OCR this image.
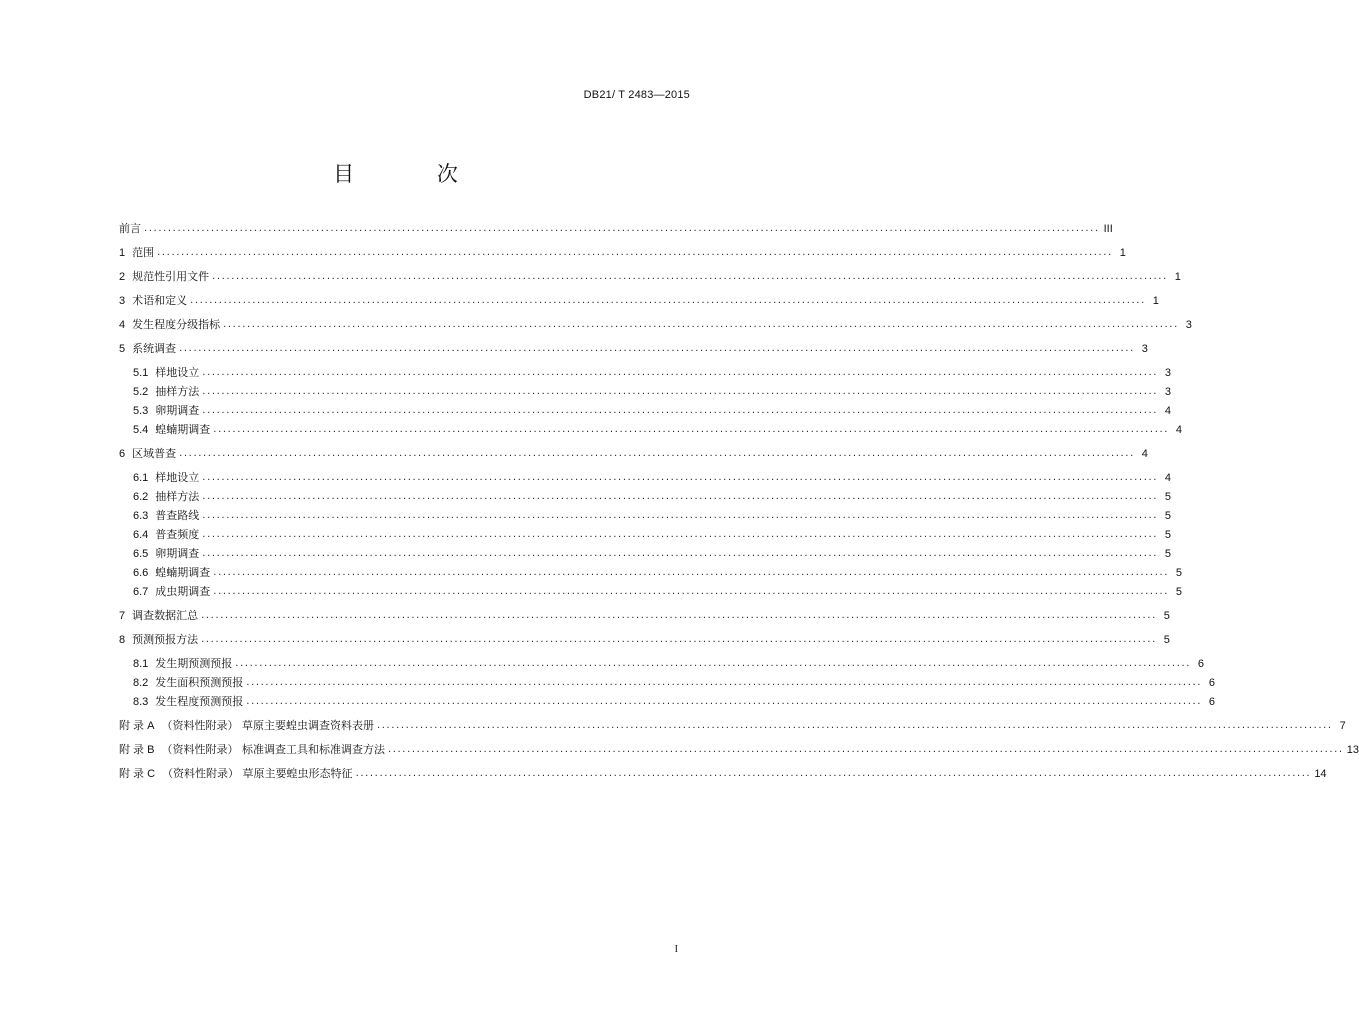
DB21/ T 2483—2015
目 次
前言 ........................................................................................................................................................................................................ III
1 范围 ........................................................................................................................................................................................................ 1
2 规范性引用文件 ........................................................................................................................................................................................................ 1
3 术语和定义 ........................................................................................................................................................................................................ 1
4 发生程度分级指标 ........................................................................................................................................................................................................ 3
5 系统调查 ........................................................................................................................................................................................................ 3
5.1 样地设立 ........................................................................................................................................................................................................ 3
5.2 抽样方法 ........................................................................................................................................................................................................ 3
5.3 卵期调查 ........................................................................................................................................................................................................ 4
5.4 蝗蝻期调查 ........................................................................................................................................................................................................ 4
6 区域普查 ........................................................................................................................................................................................................ 4
6.1 样地设立 ........................................................................................................................................................................................................ 4
6.2 抽样方法 ........................................................................................................................................................................................................ 5
6.3 普查路线 ........................................................................................................................................................................................................ 5
6.4 普查频度 ........................................................................................................................................................................................................ 5
6.5 卵期调查 ........................................................................................................................................................................................................ 5
6.6 蝗蝻期调查 ........................................................................................................................................................................................................ 5
6.7 成虫期调查 ........................................................................................................................................................................................................ 5
7 调查数据汇总 ........................................................................................................................................................................................................ 5
8 预测预报方法 ........................................................................................................................................................................................................ 5
8.1 发生期预测预报 ........................................................................................................................................................................................................ 6
8.2 发生面积预测预报 ........................................................................................................................................................................................................ 6
8.3 发生程度预测预报 ........................................................................................................................................................................................................ 6
附 录 A （资料性附录） 草原主要蝗虫调查资料表册 ........................................................................................................................................................................................................ 7
附 录 B （资料性附录） 标准调查工具和标准调查方法 ........................................................................................................................................................................................................ 13
附 录 C （资料性附录） 草原主要蝗虫形态特征 ........................................................................................................................................................................................................ 14
I
